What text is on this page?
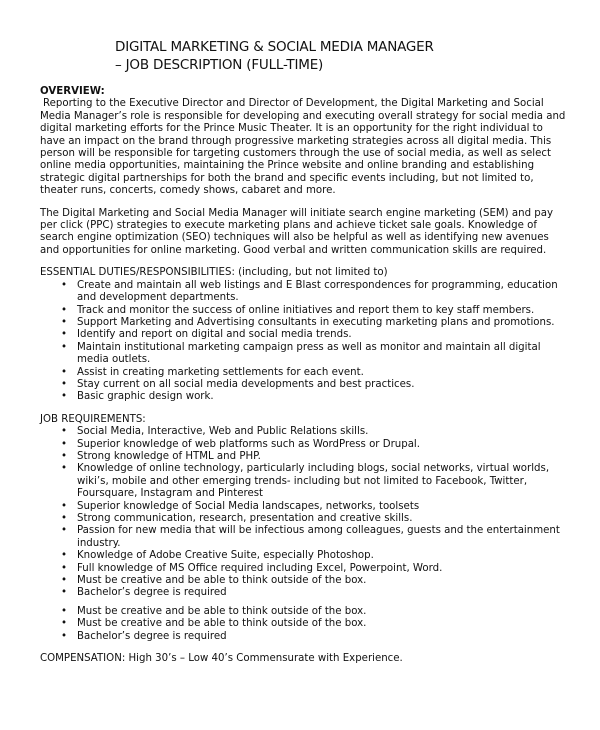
DIGITAL MARKETING & SOCIAL MEDIA MANAGER
– JOB DESCRIPTION (FULL-TIME)
OVERVIEW:

Reporting to the Executive Director and Director of Development, the Digital Marketing and Social Media Manager’s role is responsible for developing and executing overall strategy for social media and digital marketing efforts for the Prince Music Theater. It is an opportunity for the right individual to have an impact on the brand through progressive marketing strategies across all digital media. This person will be responsible for targeting customers through the use of social media, as well as select online media opportunities, maintaining the Prince website and online branding and establishing strategic digital partnerships for both the brand and specific events including, but not limited to, theater runs, concerts, comedy shows, cabaret and more.

The Digital Marketing and Social Media Manager will initiate search engine marketing (SEM) and pay per click (PPC) strategies to execute marketing plans and achieve ticket sale goals. Knowledge of search engine optimization (SEO) techniques will also be helpful as well as identifying new avenues and opportunities for online marketing. Good verbal and written communication skills are required.

ESSENTIAL DUTIES/RESPONSIBILITIES: (including, but not limited to)

• Create and maintain all web listings and E Blast correspondences for programming, education and development departments.
• Track and monitor the success of online initiatives and report them to key staff members.
• Support Marketing and Advertising consultants in executing marketing plans and promotions.
• Identify and report on digital and social media trends.
• Maintain institutional marketing campaign press as well as monitor and maintain all digital media outlets.
• Assist in creating marketing settlements for each event.
• Stay current on all social media developments and best practices.
• Basic graphic design work.

JOB REQUIREMENTS:

• Social Media, Interactive, Web and Public Relations skills.
• Superior knowledge of web platforms such as WordPress or Drupal.
• Strong knowledge of HTML and PHP.
• Knowledge of online technology, particularly including blogs, social networks, virtual worlds, wiki’s, mobile and other emerging trends- including but not limited to Facebook, Twitter, Foursquare, Instagram and Pinterest
• Superior knowledge of Social Media landscapes, networks, toolsets
• Strong communication, research, presentation and creative skills.
• Passion for new media that will be infectious among colleagues, guests and the entertainment industry.
• Knowledge of Adobe Creative Suite, especially Photoshop.
• Full knowledge of MS Office required including Excel, Powerpoint, Word.
• Must be creative and be able to think outside of the box.
• Bachelor’s degree is required
• Must be creative and be able to think outside of the box.
• Must be creative and be able to think outside of the box.
• Bachelor’s degree is required

COMPENSATION: High 30’s – Low 40’s Commensurate with Experience.
